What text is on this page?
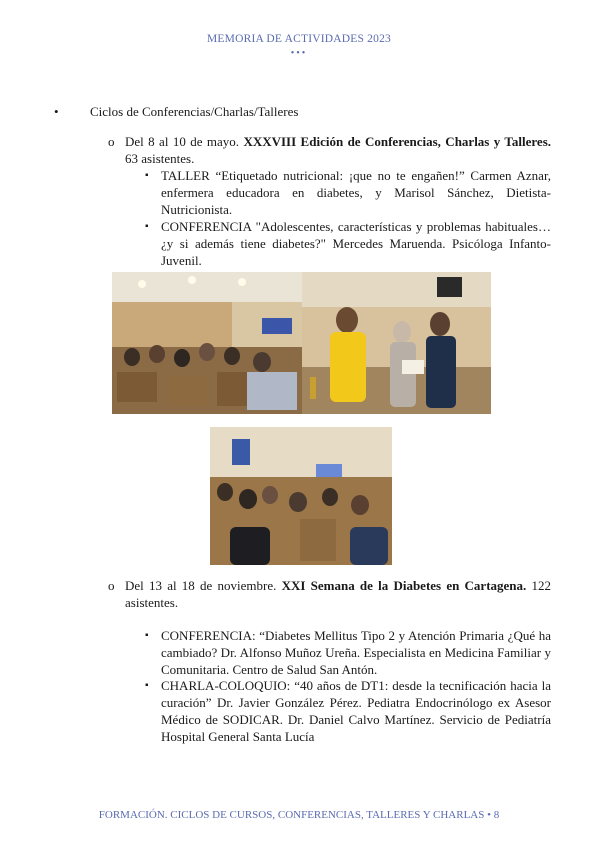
MEMORIA DE ACTIVIDADES 2023
•••
• Ciclos de Conferencias/Charlas/Talleres
o Del 8 al 10 de mayo. XXXVIII Edición de Conferencias, Charlas y Talleres. 63 asistentes.
▪ TALLER “Etiquetado nutricional: ¡que no te engañen!” Carmen Aznar, enfermera educadora en diabetes, y Marisol Sánchez, Dietista-Nutricionista.
▪ CONFERENCIA "Adolescentes, características y problemas habituales… ¿y si además tiene diabetes?" Mercedes Maruenda. Psicóloga Infanto-Juvenil.
o Del 13 al 18 de noviembre. XXI Semana de la Diabetes en Cartagena. 122 asistentes.
▪ CONFERENCIA: “Diabetes Mellitus Tipo 2 y Atención Primaria ¿Qué ha cambiado? Dr. Alfonso Muñoz Ureña. Especialista en Medicina Familiar y Comunitaria. Centro de Salud San Antón.
▪ CHARLA-COLOQUIO: “40 años de DT1: desde la tecnificación hacia la curación” Dr. Javier González Pérez. Pediatra Endocrinólogo ex Asesor Médico de SODICAR. Dr. Daniel Calvo Martínez. Servicio de Pediatría Hospital General Santa Lucía
FORMACIÓN. CICLOS DE CURSOS, CONFERENCIAS, TALLERES Y CHARLAS • 8
